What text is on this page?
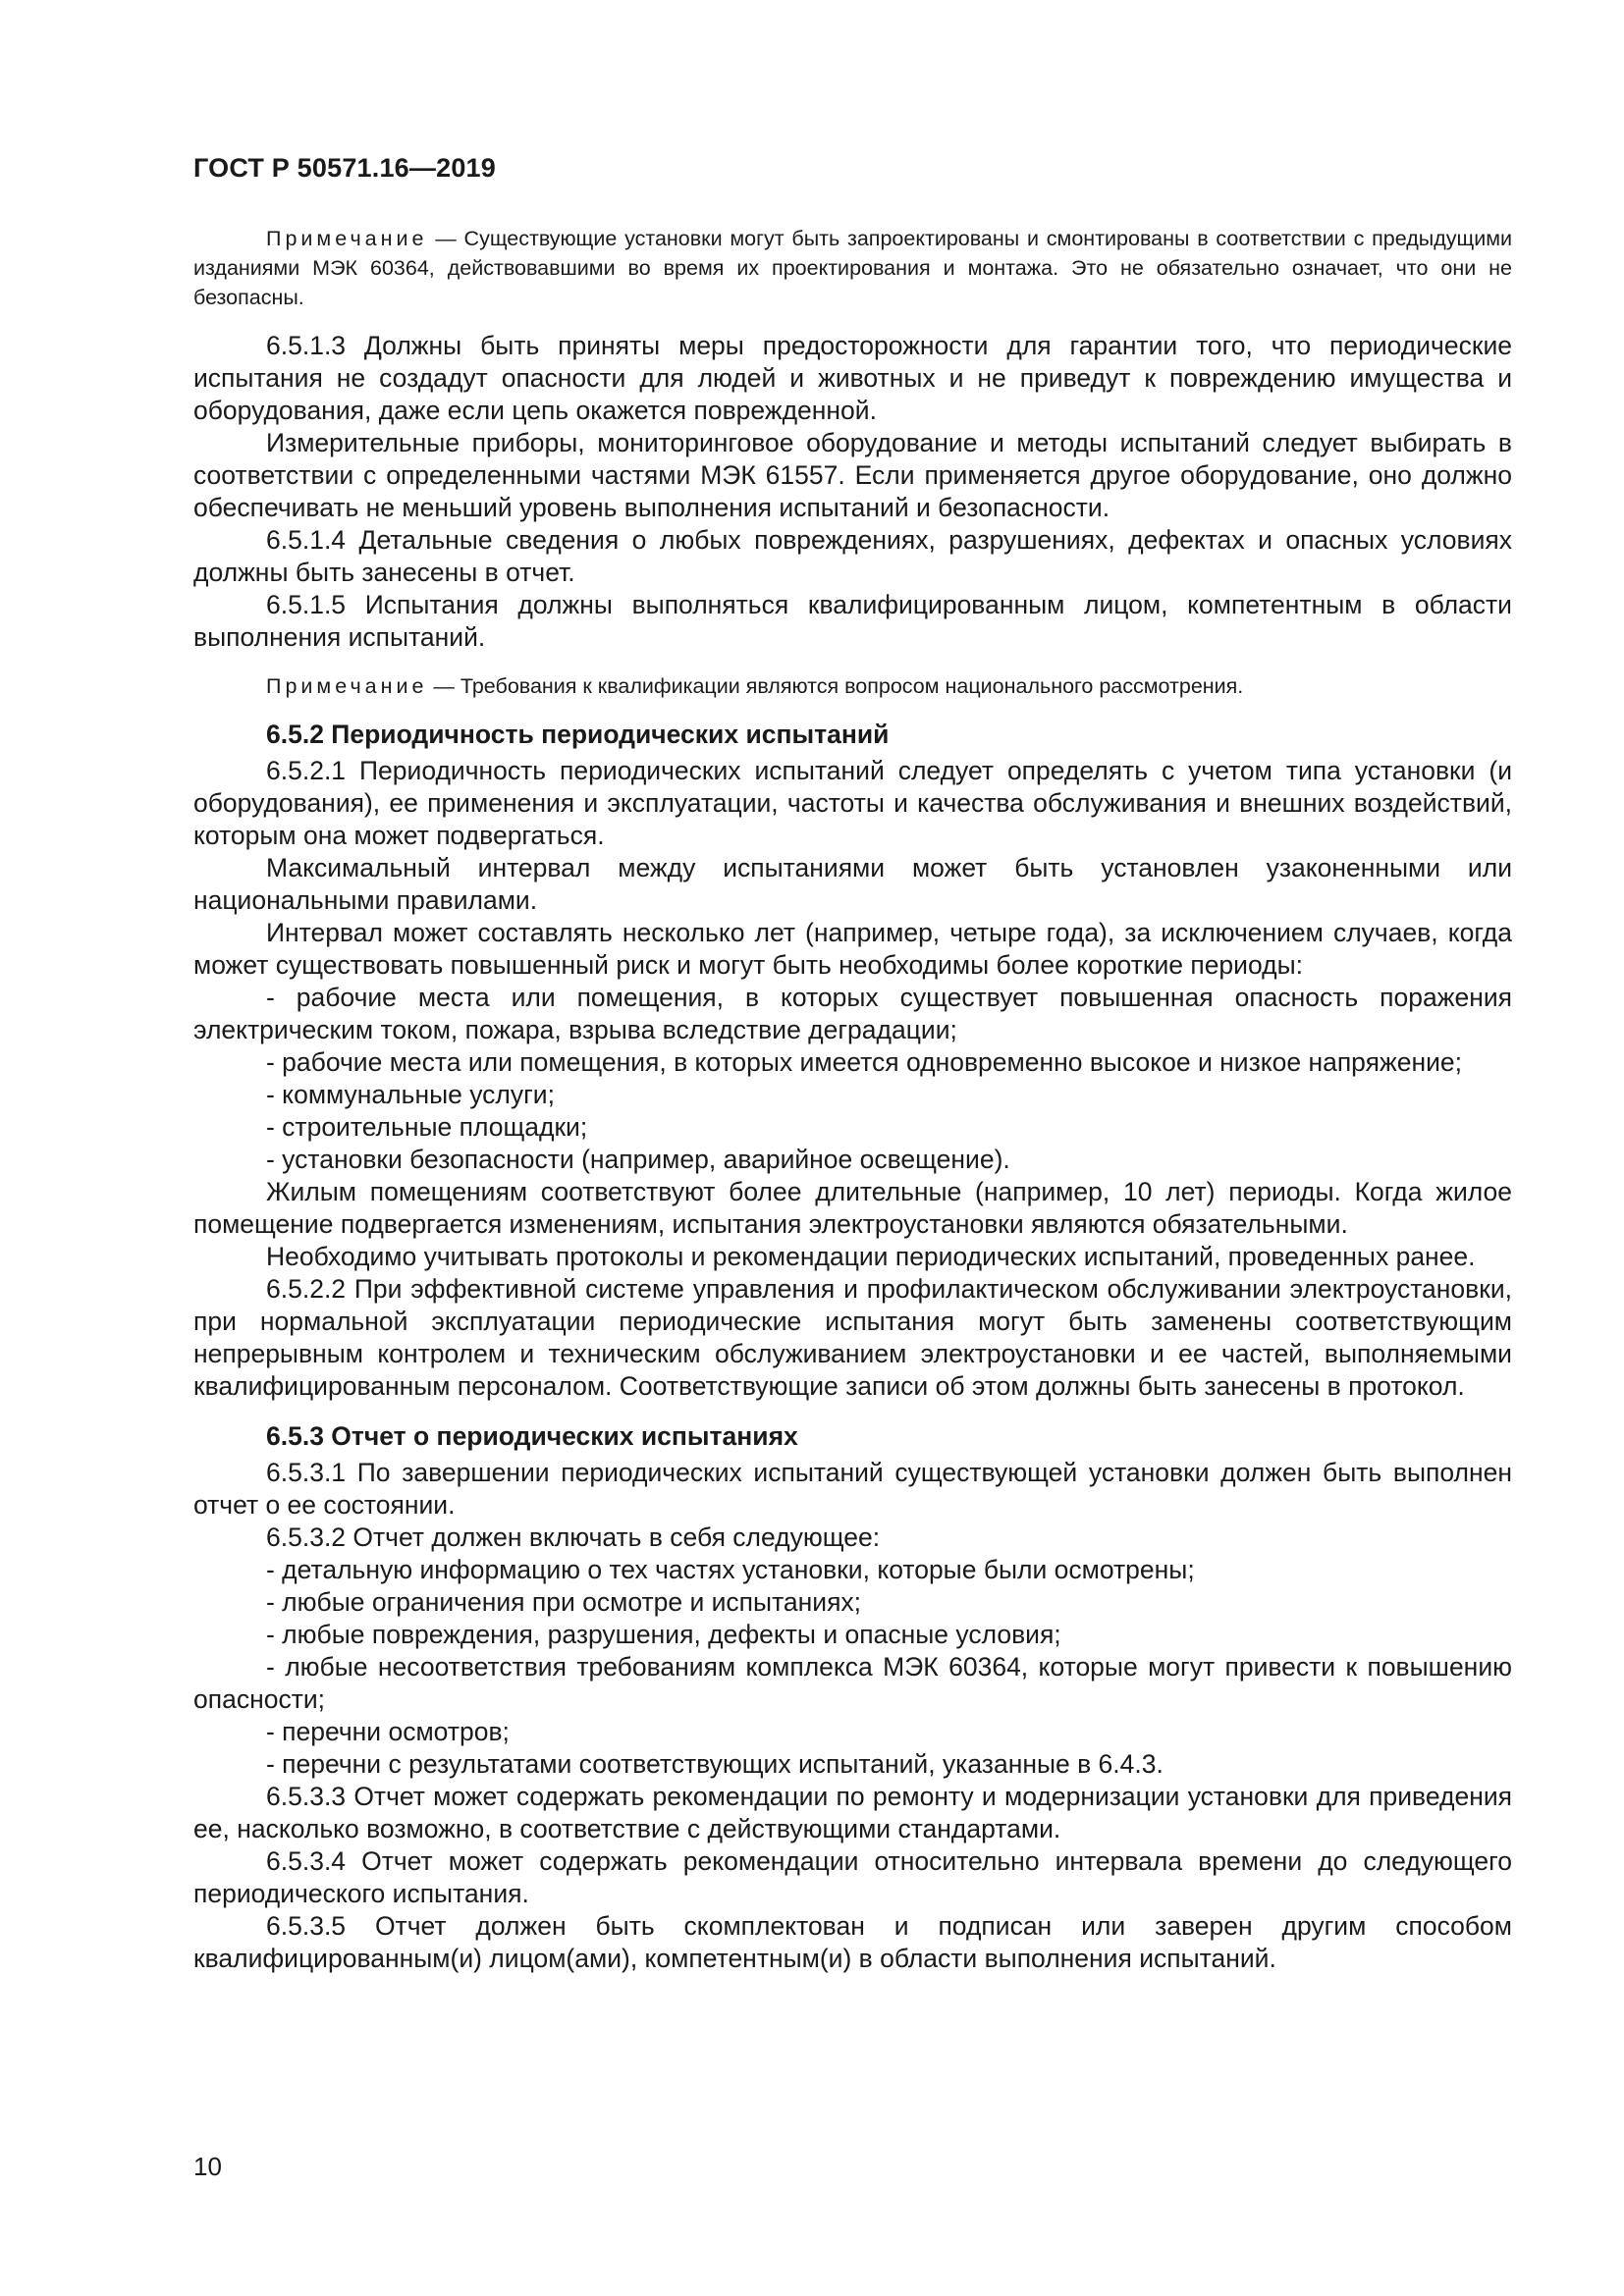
ГОСТ Р 50571.16—2019

Примечание — Существующие установки могут быть запроектированы и смонтированы в соответствии с предыдущими изданиями МЭК 60364, действовавшими во время их проектирования и монтажа. Это не обязательно означает, что они не безопасны.

6.5.1.3 Должны быть приняты меры предосторожности для гарантии того, что периодические испытания не создадут опасности для людей и животных и не приведут к повреждению имущества и оборудования, даже если цепь окажется поврежденной.

Измерительные приборы, мониторинговое оборудование и методы испытаний следует выбирать в соответствии с определенными частями МЭК 61557. Если применяется другое оборудование, оно должно обеспечивать не меньший уровень выполнения испытаний и безопасности.

6.5.1.4 Детальные сведения о любых повреждениях, разрушениях, дефектах и опасных условиях должны быть занесены в отчет.

6.5.1.5 Испытания должны выполняться квалифицированным лицом, компетентным в области выполнения испытаний.

Примечание — Требования к квалификации являются вопросом национального рассмотрения.

6.5.2 Периодичность периодических испытаний

6.5.2.1 Периодичность периодических испытаний следует определять с учетом типа установки (и оборудования), ее применения и эксплуатации, частоты и качества обслуживания и внешних воздействий, которым она может подвергаться.

Максимальный интервал между испытаниями может быть установлен узаконенными или национальными правилами.

Интервал может составлять несколько лет (например, четыре года), за исключением случаев, когда может существовать повышенный риск и могут быть необходимы более короткие периоды:

- рабочие места или помещения, в которых существует повышенная опасность поражения электрическим током, пожара, взрыва вследствие деградации;

- рабочие места или помещения, в которых имеется одновременно высокое и низкое напряжение;

- коммунальные услуги;

- строительные площадки;

- установки безопасности (например, аварийное освещение).

Жилым помещениям соответствуют более длительные (например, 10 лет) периоды. Когда жилое помещение подвергается изменениям, испытания электроустановки являются обязательными.

Необходимо учитывать протоколы и рекомендации периодических испытаний, проведенных ранее.

6.5.2.2 При эффективной системе управления и профилактическом обслуживании электроустановки, при нормальной эксплуатации периодические испытания могут быть заменены соответствующим непрерывным контролем и техническим обслуживанием электроустановки и ее частей, выполняемыми квалифицированным персоналом. Соответствующие записи об этом должны быть занесены в протокол.

6.5.3 Отчет о периодических испытаниях

6.5.3.1 По завершении периодических испытаний существующей установки должен быть выполнен отчет о ее состоянии.

6.5.3.2 Отчет должен включать в себя следующее:

- детальную информацию о тех частях установки, которые были осмотрены;

- любые ограничения при осмотре и испытаниях;

- любые повреждения, разрушения, дефекты и опасные условия;

- любые несоответствия требованиям комплекса МЭК 60364, которые могут привести к повышению опасности;

- перечни осмотров;

- перечни с результатами соответствующих испытаний, указанные в 6.4.3.

6.5.3.3 Отчет может содержать рекомендации по ремонту и модернизации установки для приведения ее, насколько возможно, в соответствие с действующими стандартами.

6.5.3.4 Отчет может содержать рекомендации относительно интервала времени до следующего периодического испытания.

6.5.3.5 Отчет должен быть скомплектован и подписан или заверен другим способом квалифицированным(и) лицом(ами), компетентным(и) в области выполнения испытаний.

10
